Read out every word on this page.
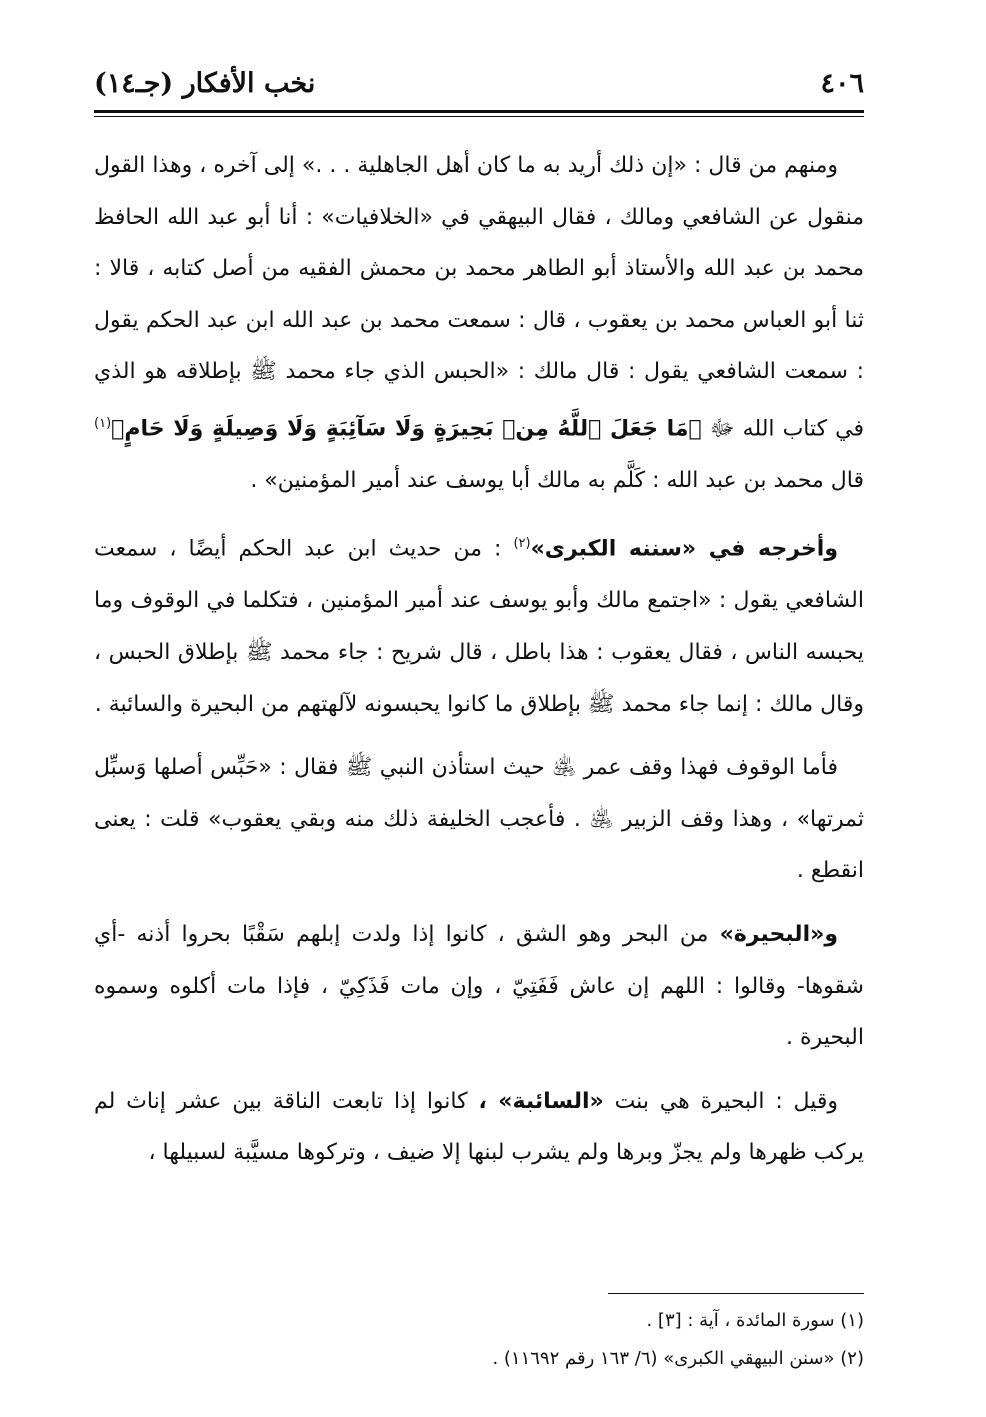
٤٠٦
نخب الأفكار (جـ١٤)

ومنهم من قال : «إن ذلك أريد به ما كان أهل الجاهلية . . .» إلى آخره ، وهذا القول منقول عن الشافعي ومالك ، فقال البيهقي في «الخلافيات» : أنا أبو عبد الله الحافظ محمد بن عبد الله والأستاذ أبو الطاهر محمد بن محمش الفقيه من أصل كتابه ، قالا : ثنا أبو العباس محمد بن يعقوب ، قال : سمعت محمد بن عبد الله ابن عبد الحكم يقول : سمعت الشافعي يقول : قال مالك : «الحبس الذي جاء محمد ﷺ بإطلاقه هو الذي في كتاب الله ﷻ ﴿مَا جَعَلَ ٱللَّهُ مِنۢ بَحِيرَةٍ وَلَا سَآئِبَةٍ وَلَا وَصِيلَةٍ وَلَا حَامٍ﴾$^{(١)}$ قال محمد بن عبد الله : كَلَّم به مالك أبا يوسف عند أمير المؤمنين» .

وأخرجه في «سننه الكبرى»$^{(٢)}$ : من حديث ابن عبد الحكم أيضًا ، سمعت الشافعي يقول : «اجتمع مالك وأبو يوسف عند أمير المؤمنين ، فتكلما في الوقوف وما يحبسه الناس ، فقال يعقوب : هذا باطل ، قال شريح : جاء محمد ﷺ بإطلاق الحبس ، وقال مالك : إنما جاء محمد ﷺ بإطلاق ما كانوا يحبسونه لآلهتهم من البحيرة والسائبة .

فأما الوقوف فهذا وقف عمر ﵁ حيث استأذن النبي ﷺ فقال : «حَبِّس أصلها وَسبِّل ثمرتها» ، وهذا وقف الزبير ﵁ . فأعجب الخليفة ذلك منه وبقي يعقوب» قلت : يعنى انقطع .

و«البحيرة» من البحر وهو الشق ، كانوا إذا ولدت إبلهم سَقْبًا بحروا أذنه -أي شقوها- وقالوا : اللهم إن عاش فَفَتِيّ ، وإن مات فَذَكِيّ ، فإذا مات أكلوه وسموه البحيرة .

وقيل : البحيرة هي بنت «السائبة» ، كانوا إذا تابعت الناقة بين عشر إناث لم يركب ظهرها ولم يجزّ وبرها ولم يشرب لبنها إلا ضيف ، وتركوها مسيَّبة لسبيلها ،

(١) سورة المائدة ، آية : [٣] .

(٢) «سنن البيهقي الكبرى» (٦/ ١٦٣ رقم ١١٦٩٢) .
